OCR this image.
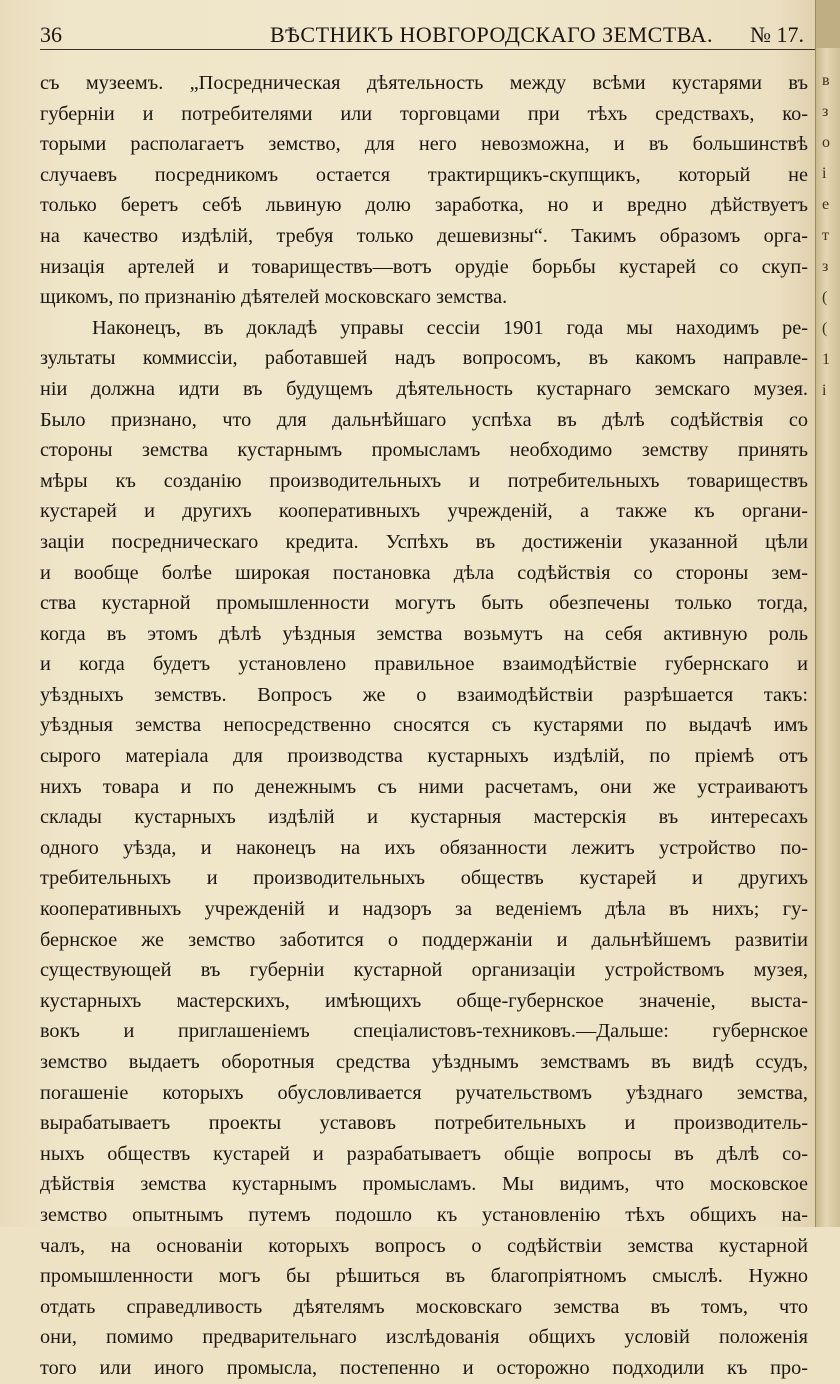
36	ВѢСТНИКЪ НОВГОРОДСКАГО ЗЕМСТВА. № 17.
съ музеемъ. „Посредническая дѣятельность между всѣми кустарями въ
губерніи и потребителями или торговцами при тѣхъ средствахъ, ко-
торыми располагаетъ земство, для него невозможна, и въ большинствѣ
случаевъ посредникомъ остается трактирщикъ-скупщикъ, который не
только беретъ себѣ львиную долю заработка, но и вредно дѣйствуетъ
на качество издѣлій, требуя только дешевизны“. Такимъ образомъ орга-
низація артелей и товариществъ—вотъ орудіе борьбы кустарей со скуп-
щикомъ, по признанію дѣятелей московскаго земства.
Наконецъ, въ докладѣ управы сессіи 1901 года мы находимъ ре-
зультаты коммиссіи, работавшей надъ вопросомъ, въ какомъ направле-
ніи должна идти въ будущемъ дѣятельность кустарнаго земскаго музея.
Было признано, что для дальнѣйшаго успѣха въ дѣлѣ содѣйствія со
стороны земства кустарнымъ промысламъ необходимо земству принять
мѣры къ созданію производительныхъ и потребительныхъ товариществъ
кустарей и другихъ кооперативныхъ учрежденій, а также къ органи-
заціи посредническаго кредита. Успѣхъ въ достиженіи указанной цѣли
и вообще болѣе широкая постановка дѣла содѣйствія со стороны зем-
ства кустарной промышленности могутъ быть обезпечены только тогда,
когда въ этомъ дѣлѣ уѣздныя земства возьмутъ на себя активную роль
и когда будетъ установлено правильное взаимодѣйствіе губернскаго и
уѣздныхъ земствъ. Вопросъ же о взаимодѣйствіи разрѣшается такъ:
уѣздныя земства непосредственно сносятся съ кустарями по выдачѣ имъ
сырого матеріала для производства кустарныхъ издѣлій, по пріемѣ отъ
нихъ товара и по денежнымъ съ ними расчетамъ, они же устраиваютъ
склады кустарныхъ издѣлій и кустарныя мастерскія въ интересахъ
одного уѣзда, и наконецъ на ихъ обязанности лежитъ устройство по-
требительныхъ и производительныхъ обществъ кустарей и другихъ
кооперативныхъ учрежденій и надзоръ за веденіемъ дѣла въ нихъ; гу-
бернское же земство заботится о поддержаніи и дальнѣйшемъ развитіи
существующей въ губерніи кустарной организаціи устройствомъ музея,
кустарныхъ мастерскихъ, имѣющихъ обще-губернское значеніе, выста-
вокъ и приглашеніемъ спеціалистовъ-техниковъ.—Дальше: губернское
земство выдаетъ оборотныя средства уѣзднымъ земствамъ въ видѣ ссудъ,
погашеніе которыхъ обусловливается ручательствомъ уѣзднаго земства,
вырабатываетъ проекты уставовъ потребительныхъ и производитель-
ныхъ обществъ кустарей и разрабатываетъ общіе вопросы въ дѣлѣ со-
дѣйствія земства кустарнымъ промысламъ. Мы видимъ, что московское
земство опытнымъ путемъ подошло къ установленію тѣхъ общихъ на-
чалъ, на основаніи которыхъ вопросъ о содѣйствіи земства кустарной
промышленности могъ бы рѣшиться въ благопріятномъ смыслѣ. Нужно
отдать справедливость дѣятелямъ московскаго земства въ томъ, что
они, помимо предварительнаго изслѣдованія общихъ условій положенія
того или иного промысла, постепенно и осторожно подходили къ про-
в
з
о
і
е
т
з
(
(
1
і
